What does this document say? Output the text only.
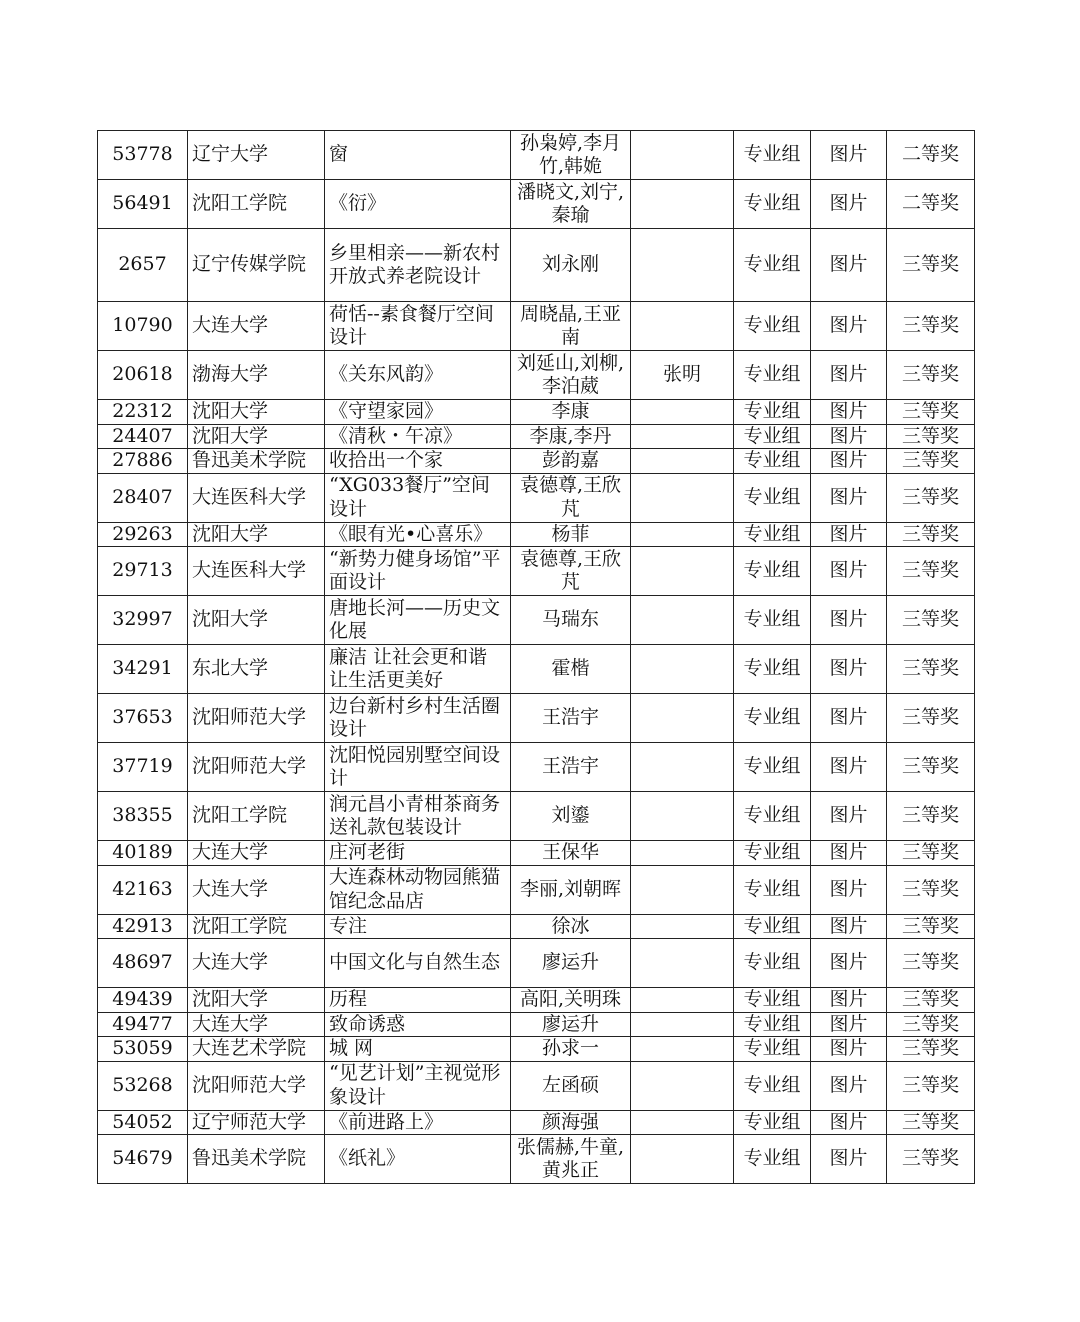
53778	辽宁大学	窗	孙枭婷,李月竹,韩姽		专业组	图片	二等奖
56491	沈阳工学院	《衍》	潘晓文,刘宁,秦瑜		专业组	图片	二等奖
2657	辽宁传媒学院	乡里相亲——新农村开放式养老院设计	刘永刚		专业组	图片	三等奖
10790	大连大学	荷恬--素食餐厅空间设计	周晓晶,王亚南		专业组	图片	三等奖
20618	渤海大学	《关东风韵》	刘延山,刘柳,李泊葳	张明	专业组	图片	三等奖
22312	沈阳大学	《守望家园》	李康		专业组	图片	三等奖
24407	沈阳大学	《清秋・午凉》	李康,李丹		专业组	图片	三等奖
27886	鲁迅美术学院	收拾出一个家	彭韵嘉		专业组	图片	三等奖
28407	大连医科大学	“XG033餐厅”空间设计	袁德尊,王欣芃		专业组	图片	三等奖
29263	沈阳大学	《眼有光•心喜乐》	杨菲		专业组	图片	三等奖
29713	大连医科大学	“新势力健身场馆”平面设计	袁德尊,王欣芃		专业组	图片	三等奖
32997	沈阳大学	唐地长河——历史文化展	马瑞东		专业组	图片	三等奖
34291	东北大学	廉洁 让社会更和谐让生活更美好	霍楷		专业组	图片	三等奖
37653	沈阳师范大学	边台新村乡村生活圈设计	王浩宇		专业组	图片	三等奖
37719	沈阳师范大学	沈阳悦园别墅空间设计	王浩宇		专业组	图片	三等奖
38355	沈阳工学院	润元昌小青柑茶商务送礼款包装设计	刘鎏		专业组	图片	三等奖
40189	大连大学	庄河老街	王保华		专业组	图片	三等奖
42163	大连大学	大连森林动物园熊猫馆纪念品店	李丽,刘朝晖		专业组	图片	三等奖
42913	沈阳工学院	专注	徐冰		专业组	图片	三等奖
48697	大连大学	中国文化与自然生态	廖运升		专业组	图片	三等奖
49439	沈阳大学	历程	高阳,关明珠		专业组	图片	三等奖
49477	大连大学	致命诱惑	廖运升		专业组	图片	三等奖
53059	大连艺术学院	城 网	孙求一		专业组	图片	三等奖
53268	沈阳师范大学	“见艺计划”主视觉形象设计	左函硕		专业组	图片	三等奖
54052	辽宁师范大学	《前进路上》	颜海强		专业组	图片	三等奖
54679	鲁迅美术学院	《纸礼》	张儒赫,牛童,黄兆正		专业组	图片	三等奖
